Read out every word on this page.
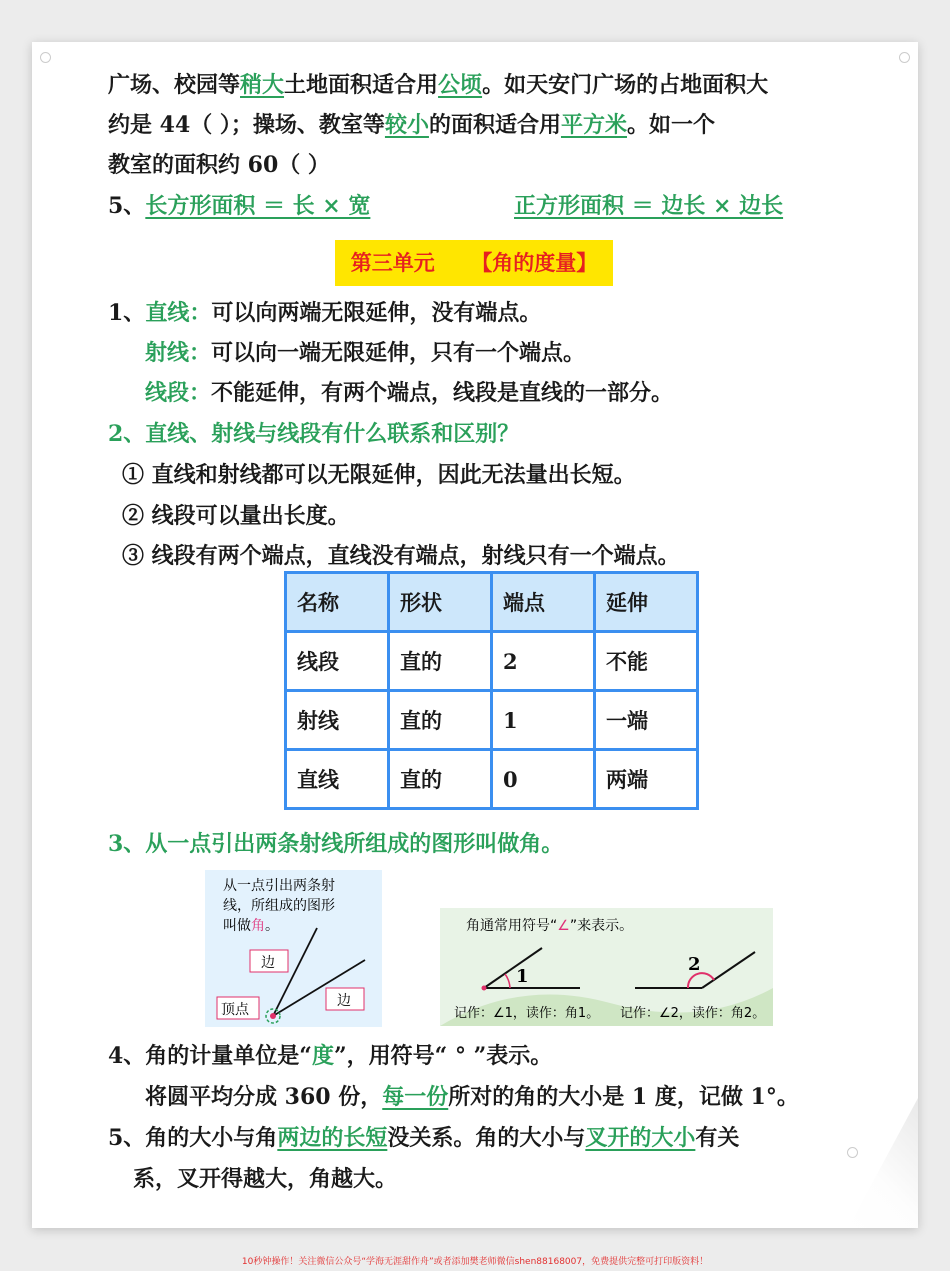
广场、校园等稍大土地面积适合用公顷。如天安门广场的占地面积大
约是 44（ ）；操场、教室等较小的面积适合用平方米。如一个
教室的面积约 60（ ）
5、长方形面积 ＝ 长 × 宽	正方形面积 ＝ 边长 × 边长
第三单元 【角的度量】
1、直线：可以向两端无限延伸，没有端点。
射线：可以向一端无限延伸，只有一个端点。
线段：不能延伸，有两个端点，线段是直线的一部分。
2、直线、射线与线段有什么联系和区别？
① 直线和射线都可以无限延伸，因此无法量出长短。
② 线段可以量出长度。
③ 线段有两个端点，直线没有端点，射线只有一个端点。
名称	形状	端点	延伸
线段	直的	2	不能
射线	直的	1	一端
直线	直的	0	两端
3、从一点引出两条射线所组成的图形叫做角。
从一点引出两条射
线，所组成的图形
叫做角。
边
边
顶点
角通常用符号“∠”来表示。
1
2
记作：∠1，读作：角1。 记作：∠2，读作：角2。
4、角的计量单位是“度”，用符号“ ° ”表示。
将圆平均分成 360 份，每一份所对的角的大小是 1 度，记做 1°。
5、角的大小与角两边的长短没关系。角的大小与叉开的大小有关
系，叉开得越大，角越大。
10秒钟操作！关注微信公众号“学海无涯甜作舟”或者添加樊老师微信shen88168007，免费提供完整可打印版资料！
